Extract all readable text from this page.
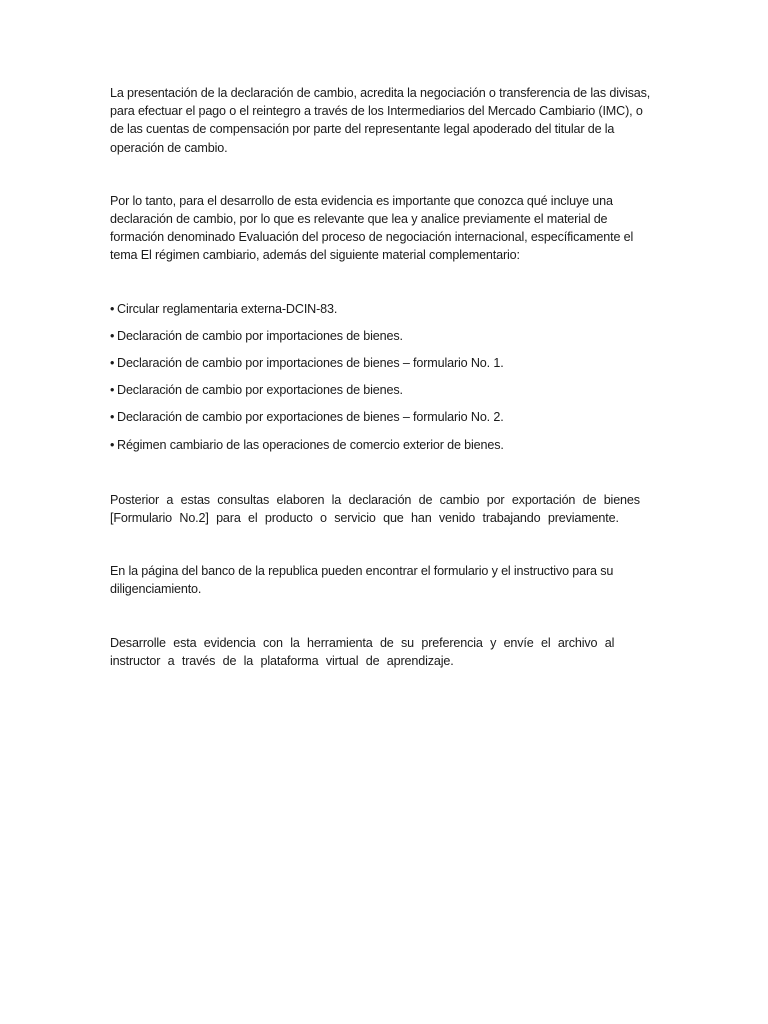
La presentación de la declaración de cambio, acredita la negociación o transferencia de las divisas, para efectuar el pago o el reintegro a través de los Intermediarios del Mercado Cambiario (IMC), o de las cuentas de compensación por parte del representante legal apoderado del titular de la operación de cambio.

Por lo tanto, para el desarrollo de esta evidencia es importante que conozca qué incluye una declaración de cambio, por lo que es relevante que lea y analice previamente el material de formación denominado Evaluación del proceso de negociación internacional, específicamente el tema El régimen cambiario, además del siguiente material complementario:

• Circular reglamentaria externa-DCIN-83.
• Declaración de cambio por importaciones de bienes.
• Declaración de cambio por importaciones de bienes – formulario No. 1.
• Declaración de cambio por exportaciones de bienes.
• Declaración de cambio por exportaciones de bienes – formulario No. 2.
• Régimen cambiario de las operaciones de comercio exterior de bienes.

Posterior a estas consultas elaboren la declaración de cambio por exportación de bienes [Formulario No.2] para el producto o servicio que han venido trabajando previamente.

En la página del banco de la republica pueden encontrar el formulario y el instructivo para su diligenciamiento.

Desarrolle esta evidencia con la herramienta de su preferencia y envíe el archivo al instructor a través de la plataforma virtual de aprendizaje.
